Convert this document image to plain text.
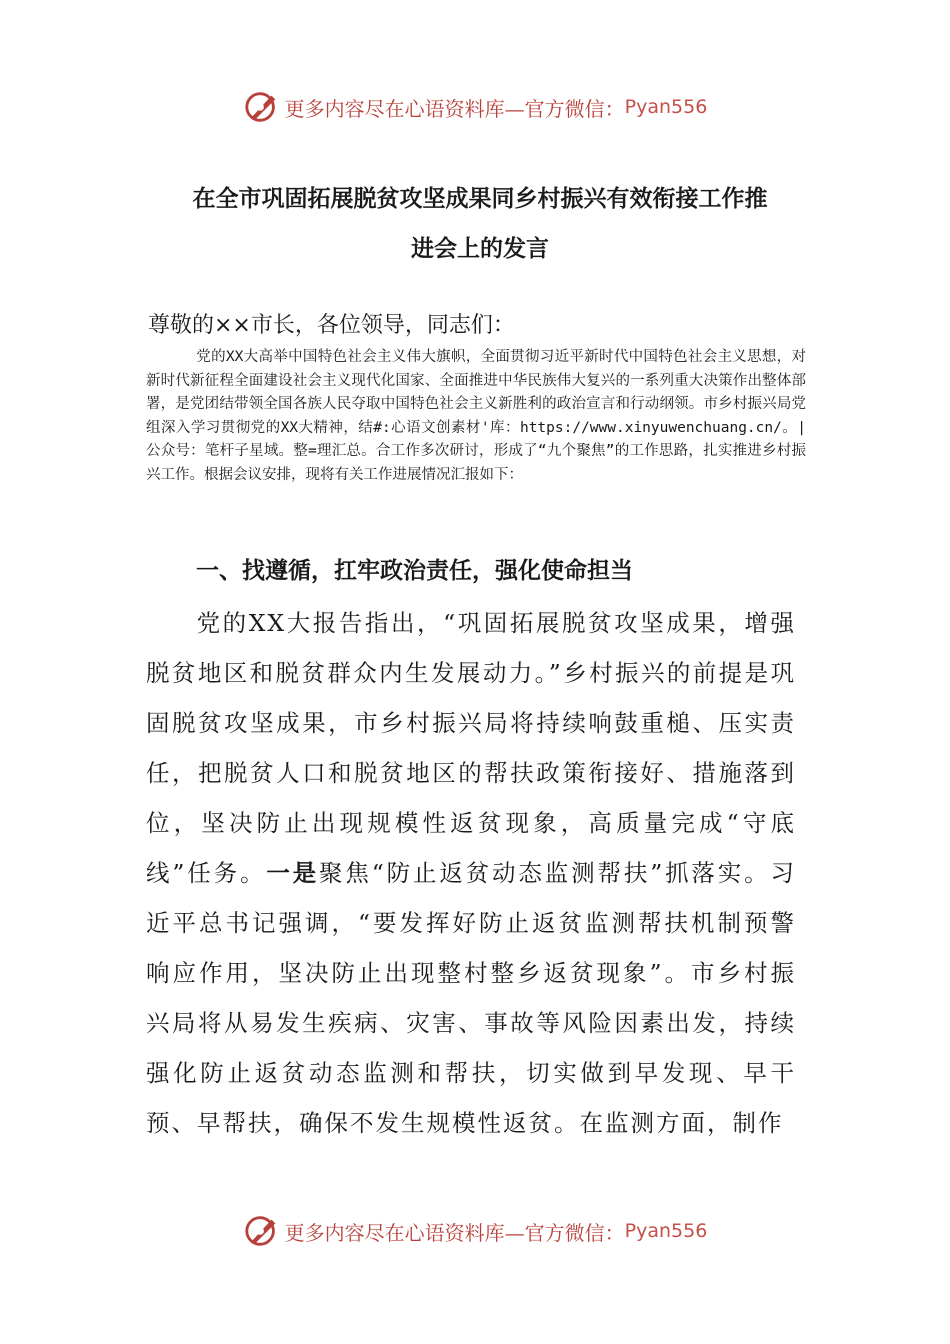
更多内容尽在心语资料库—官方微信： Pyan556
在全市巩固拓展脱贫攻坚成果同乡村振兴有效衔接工作推
进会上的发言
尊敬的××市长，各位领导，同志们：
党的XX大高举中国特色社会主义伟大旗帜，全面贯彻习近平新时代中国特色社会主义思想，对新时代新征程全面建设社会主义现代化国家、全面推进中华民族伟大复兴的一系列重大决策作出整体部署，是党团结带领全国各族人民夺取中国特色社会主义新胜利的政治宣言和行动纲领。市乡村振兴局党组深入学习贯彻党的XX大精神，结#:心语文创素材'库：https://www.xinyuwenchuang.cn/。|公众号：笔杆子星域。整=理汇总。合工作多次研讨，形成了“九个聚焦”的工作思路，扎实推进乡村振兴工作。根据会议安排，现将有关工作进展情况汇报如下：
一、找遵循，扛牢政治责任，强化使命担当
党的XX大报告指出，“巩固拓展脱贫攻坚成果，增强脱贫地区和脱贫群众内生发展动力。”乡村振兴的前提是巩固脱贫攻坚成果，市乡村振兴局将持续响鼓重槌、压实责任，把脱贫人口和脱贫地区的帮扶政策衔接好、措施落到位，坚决防止出现规模性返贫现象，高质量完成“守底线”任务。一是聚焦“防止返贫动态监测帮扶”抓落实。习近平总书记强调，“要发挥好防止返贫监测帮扶机制预警响应作用，坚决防止出现整村整乡返贫现象”。市乡村振兴局将从易发生疾病、灾害、事故等风险因素出发，持续强化防止返贫动态监测和帮扶，切实做到早发现、早干预、早帮扶，确保不发生规模性返贫。在监测方面，制作
更多内容尽在心语资料库—官方微信： Pyan556
